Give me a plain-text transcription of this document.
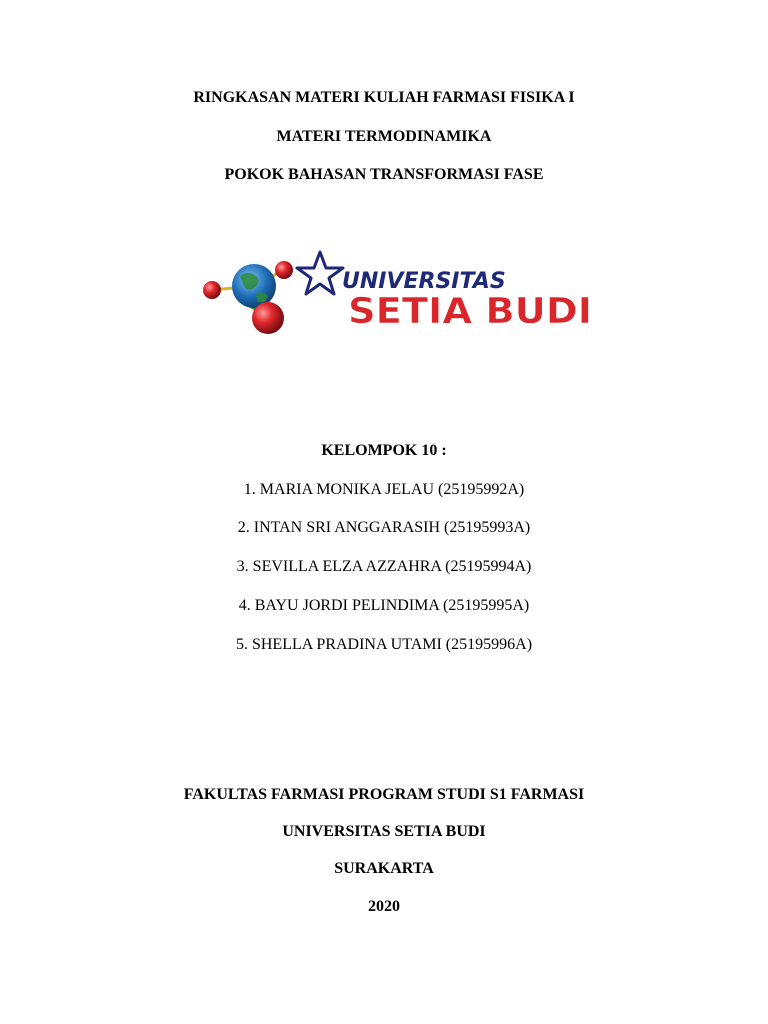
RINGKASAN MATERI KULIAH FARMASI FISIKA I
MATERI TERMODINAMIKA
POKOK BAHASAN TRANSFORMASI FASE
UNIVERSITAS
SETIA BUDI
KELOMPOK 10 :
1. MARIA MONIKA JELAU (25195992A)
2. INTAN SRI ANGGARASIH (25195993A)
3. SEVILLA ELZA AZZAHRA (25195994A)
4. BAYU JORDI PELINDIMA (25195995A)
5. SHELLA PRADINA UTAMI (25195996A)
FAKULTAS FARMASI PROGRAM STUDI S1 FARMASI
UNIVERSITAS SETIA BUDI
SURAKARTA
2020
